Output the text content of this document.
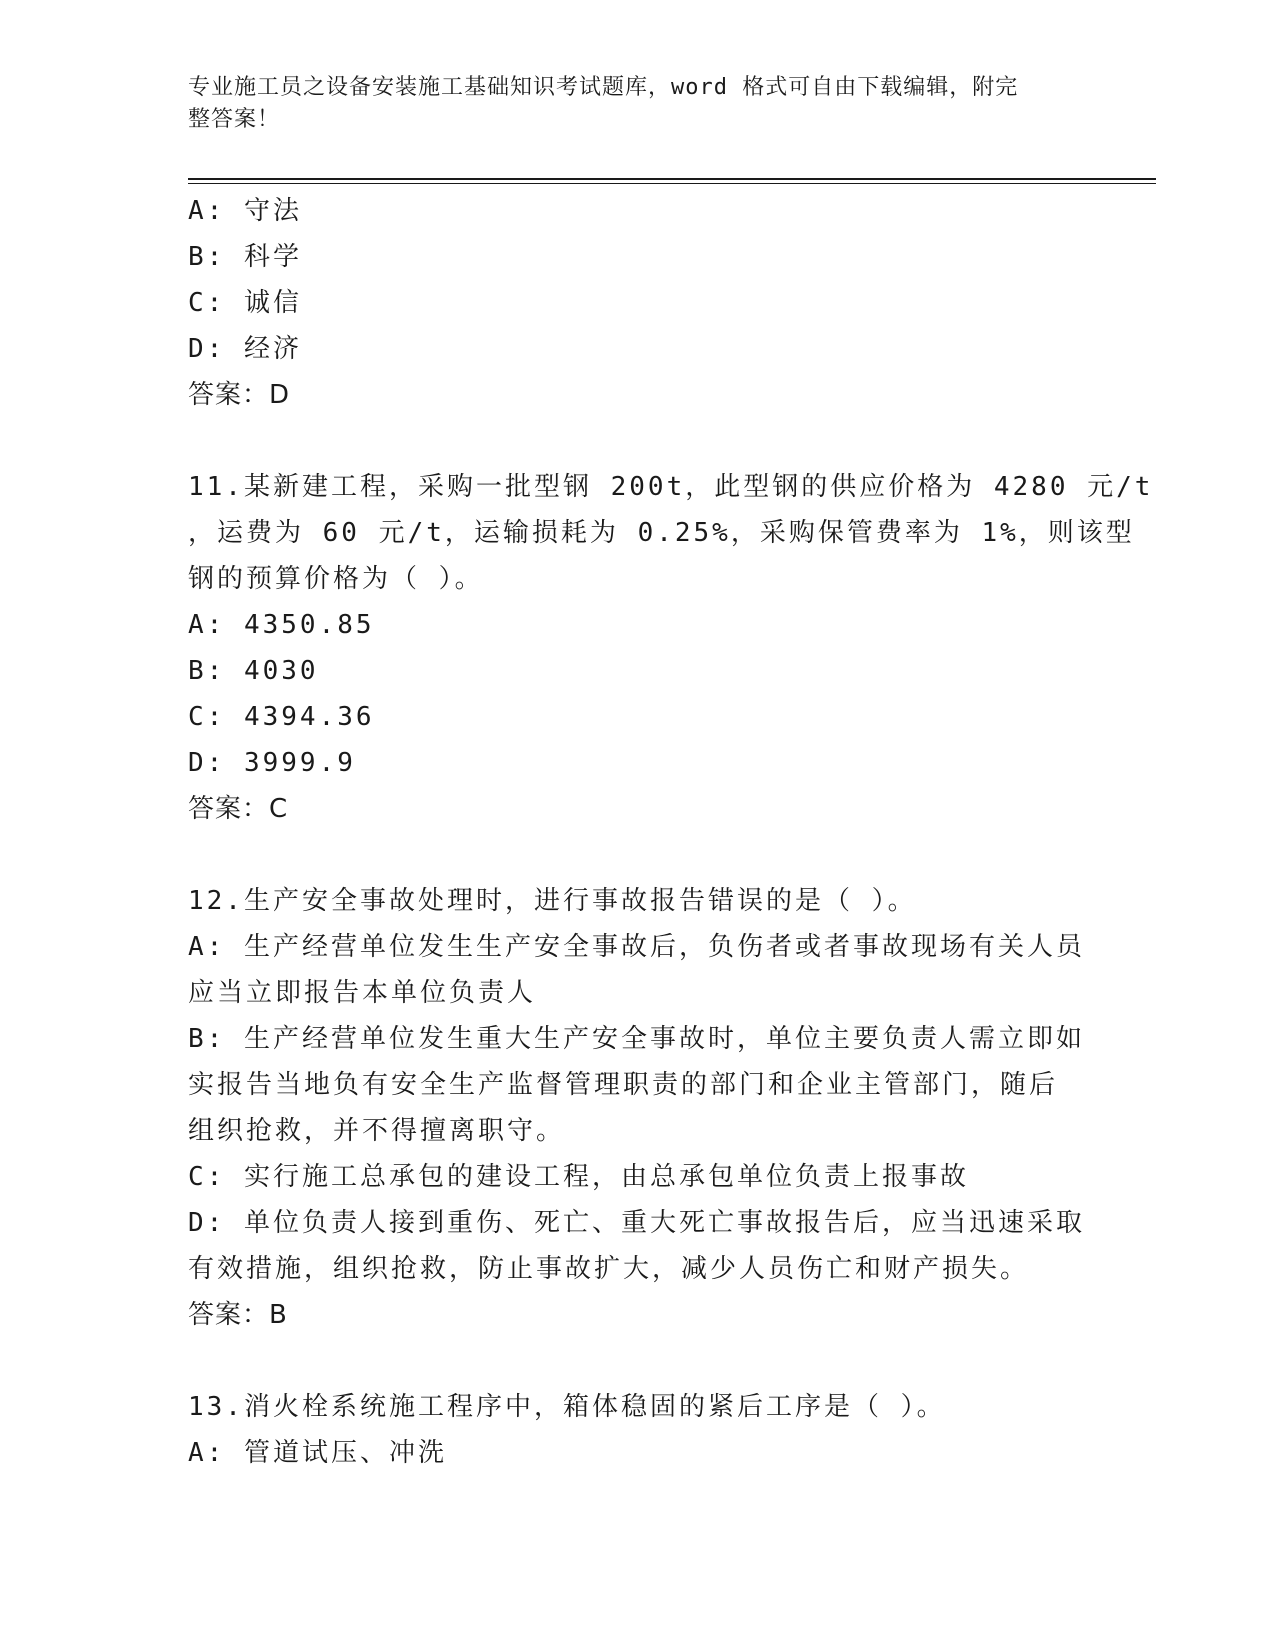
专业施工员之设备安装施工基础知识考试题库，word 格式可自由下载编辑，附完
整答案！
A: 守法
B: 科学
C: 诚信
D: 经济
答案：D
11.某新建工程，采购一批型钢 200t，此型钢的供应价格为 4280 元/t
，运费为 60 元/t，运输损耗为 0.25%，采购保管费率为 1%，则该型
钢的预算价格为（ ）。
A: 4350.85
B: 4030
C: 4394.36
D: 3999.9
答案：C
12.生产安全事故处理时，进行事故报告错误的是（ ）。
A: 生产经营单位发生生产安全事故后，负伤者或者事故现场有关人员
应当立即报告本单位负责人
B: 生产经营单位发生重大生产安全事故时，单位主要负责人需立即如
实报告当地负有安全生产监督管理职责的部门和企业主管部门，随后
组织抢救，并不得擅离职守。
C: 实行施工总承包的建设工程，由总承包单位负责上报事故
D: 单位负责人接到重伤、死亡、重大死亡事故报告后，应当迅速采取
有效措施，组织抢救，防止事故扩大，减少人员伤亡和财产损失。
答案：B
13.消火栓系统施工程序中，箱体稳固的紧后工序是（ ）。
A: 管道试压、冲洗
